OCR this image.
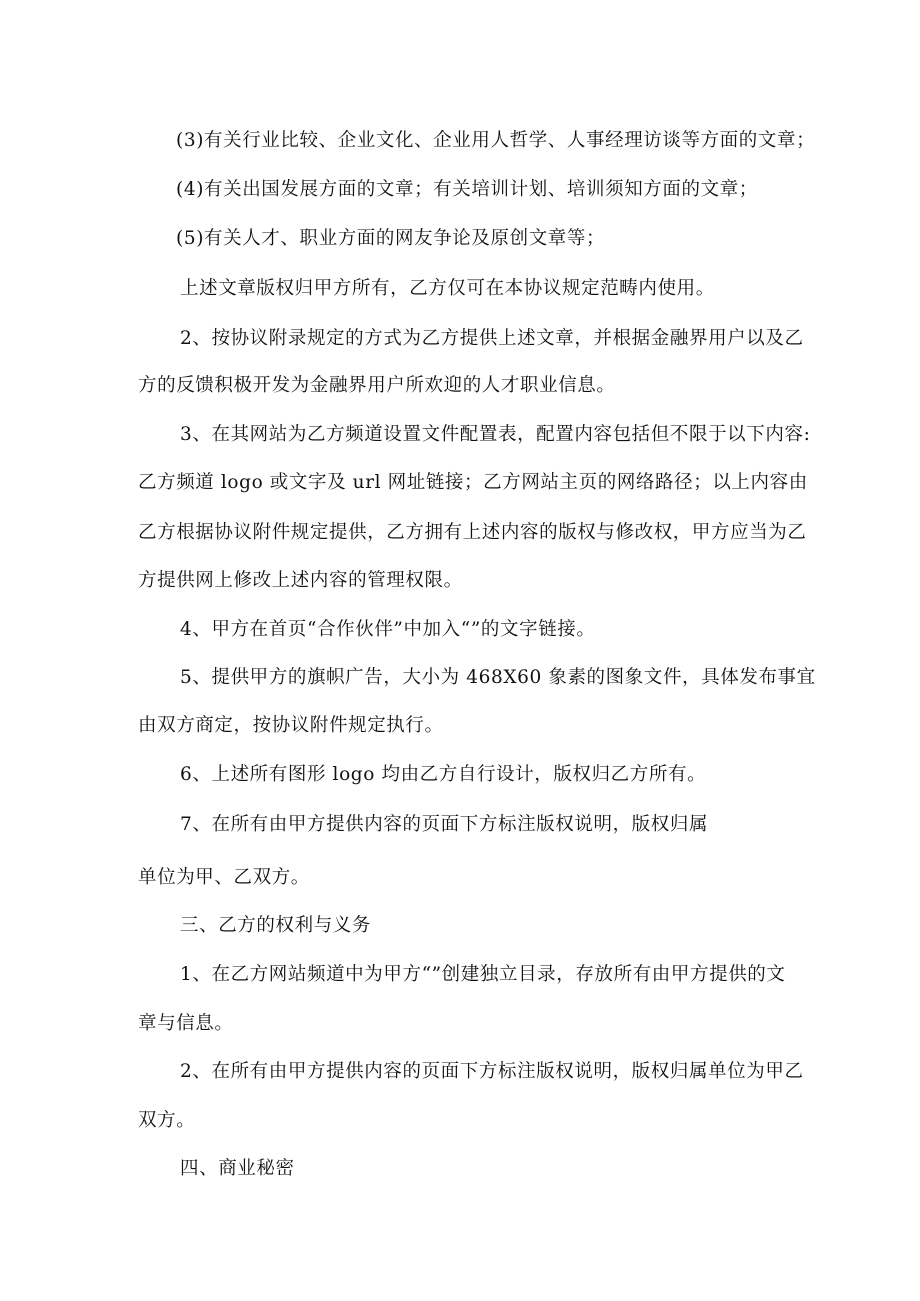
(3)有关行业比较、企业文化、企业用人哲学、人事经理访谈等方面的文章；

(4)有关出国发展方面的文章；有关培训计划、培训须知方面的文章；

(5)有关人才、职业方面的网友争论及原创文章等；

上述文章版权归甲方所有，乙方仅可在本协议规定范畴内使用。

2、按协议附录规定的方式为乙方提供上述文章，并根据金融界用户以及乙

方的反馈积极开发为金融界用户所欢迎的人才职业信息。

3、在其网站为乙方频道设置文件配置表，配置内容包括但不限于以下内容:

乙方频道 logo 或文字及 url 网址链接；乙方网站主页的网络路径；以上内容由

乙方根据协议附件规定提供，乙方拥有上述内容的版权与修改权，甲方应当为乙

方提供网上修改上述内容的管理权限。

4、甲方在首页“合作伙伴”中加入“”的文字链接。

5、提供甲方的旗帜广告，大小为 468X60 象素的图象文件，具体发布事宜

由双方商定，按协议附件规定执行。

6、上述所有图形 logo 均由乙方自行设计，版权归乙方所有。

7、在所有由甲方提供内容的页面下方标注版权说明，版权归属

单位为甲、乙双方。

三、乙方的权利与义务

1、在乙方网站频道中为甲方“”创建独立目录，存放所有由甲方提供的文

章与信息。

2、在所有由甲方提供内容的页面下方标注版权说明，版权归属单位为甲乙

双方。

四、商业秘密
